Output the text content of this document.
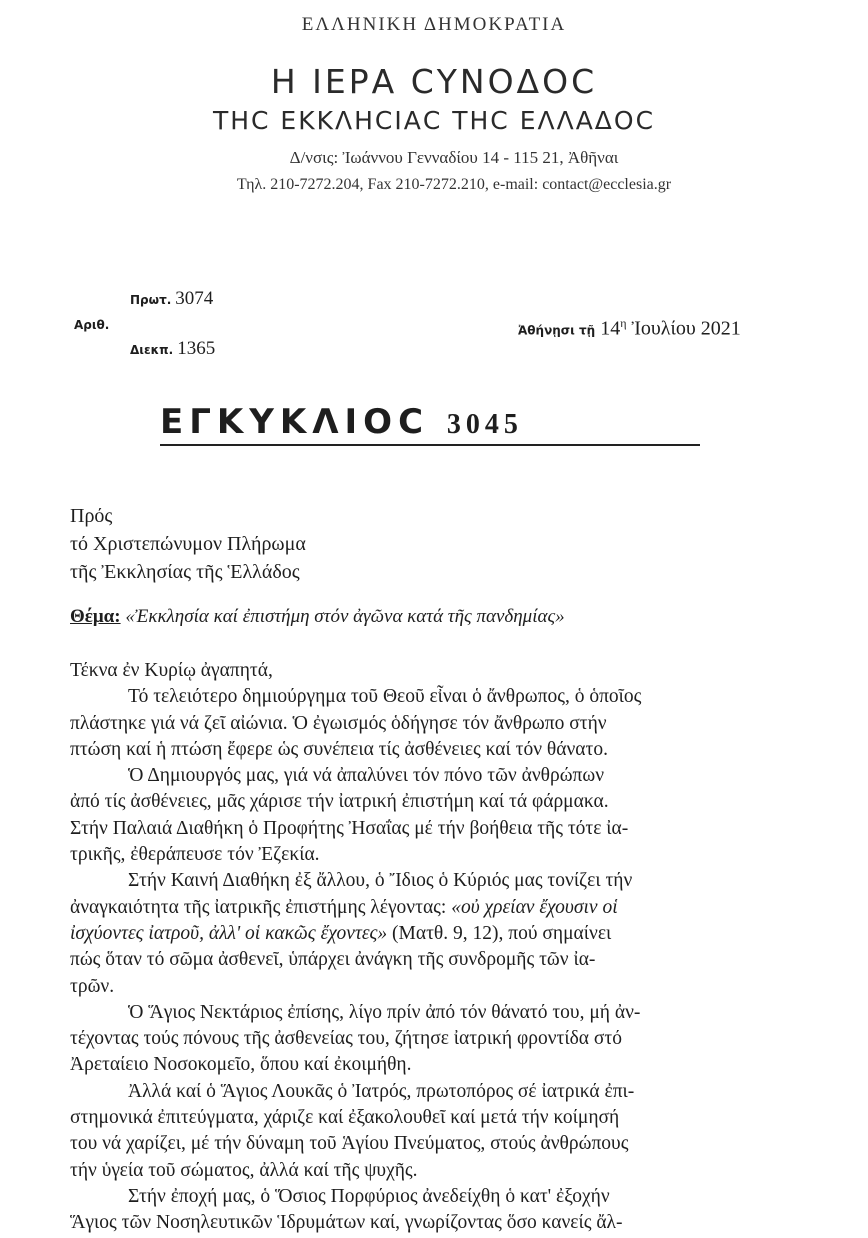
ΕΛΛΗΝΙΚΗ ΔΗΜΟΚΡΑΤΙΑ
Η ΙΕΡΑ CΥΝΟΔΟC
ΤΗC ΕΚΚΛΗCΙΑC ΤΗC ΕΛΛΑΔΟC
Δ/νσις: Ἰωάννου Γενναδίου 14 - 115 21, Ἀθῆναι
Τηλ. 210-7272.204, Fax 210-7272.210, e-mail: contact@ecclesia.gr
Πρωτ. 3074
Αριθ.
Διεκπ. 1365
Ἀθήνῃσι τῇ $14^\eta$ Ἰουλίου 2021
ΕΓΚΥΚΛΙΟC 3045
Πρός
τό Χριστεπώνυμον Πλήρωμα
τῆς Ἐκκλησίας τῆς Ἑλλάδος
Θέμα: «Ἐκκλησία καί ἐπιστήμη στόν ἀγῶνα κατά τῆς πανδημίας»
Τέκνα ἐν Κυρίῳ ἀγαπητά,
Τό τελειότερο δημιούργημα τοῦ Θεοῦ εἶναι ὁ ἄνθρωπος, ὁ ὁποῖος
πλάστηκε γιά νά ζεῖ αἰώνια. Ὁ ἐγωισμός ὁδήγησε τόν ἄνθρωπο στήν
πτώση καί ἡ πτώση ἔφερε ὡς συνέπεια τίς ἀσθένειες καί τόν θάνατο.
Ὁ Δημιουργός μας, γιά νά ἀπαλύνει τόν πόνο τῶν ἀνθρώπων
ἀπό τίς ἀσθένειες, μᾶς χάρισε τήν ἰατρική ἐπιστήμη καί τά φάρμακα.
Στήν Παλαιά Διαθήκη ὁ Προφήτης Ἠσαΐας μέ τήν βοήθεια τῆς τότε ἰα-
τρικῆς, ἐθεράπευσε τόν Ἐζεκία.
Στήν Καινή Διαθήκη ἐξ ἄλλου, ὁ Ἴδιος ὁ Κύριός μας τονίζει τήν
ἀναγκαιότητα τῆς ἰατρικῆς ἐπιστήμης λέγοντας: «οὐ χρείαν ἔχουσιν οἱ
ἰσχύοντες ἰατροῦ, ἀλλ' οἱ κακῶς ἔχοντες» (Ματθ. 9, 12), πού σημαίνει
πώς ὅταν τό σῶμα ἀσθενεῖ, ὑπάρχει ἀνάγκη τῆς συνδρομῆς τῶν ἰα-
τρῶν.
Ὁ Ἅγιος Νεκτάριος ἐπίσης, λίγο πρίν ἀπό τόν θάνατό του, μή ἀν-
τέχοντας τούς πόνους τῆς ἀσθενείας του, ζήτησε ἰατρική φροντίδα στό
Ἀρεταίειο Νοσοκομεῖο, ὅπου καί ἐκοιμήθη.
Ἀλλά καί ὁ Ἅγιος Λουκᾶς ὁ Ἰατρός, πρωτοπόρος σέ ἰατρικά ἐπι-
στημονικά ἐπιτεύγματα, χάριζε καί ἐξακολουθεῖ καί μετά τήν κοίμησή
του νά χαρίζει, μέ τήν δύναμη τοῦ Ἁγίου Πνεύματος, στούς ἀνθρώπους
τήν ὑγεία τοῦ σώματος, ἀλλά καί τῆς ψυχῆς.
Στήν ἐποχή μας, ὁ Ὅσιος Πορφύριος ἀνεδείχθη ὁ κατ' ἐξοχήν
Ἅγιος τῶν Νοσηλευτικῶν Ἱδρυμάτων καί, γνωρίζοντας ὅσο κανείς ἄλ-
